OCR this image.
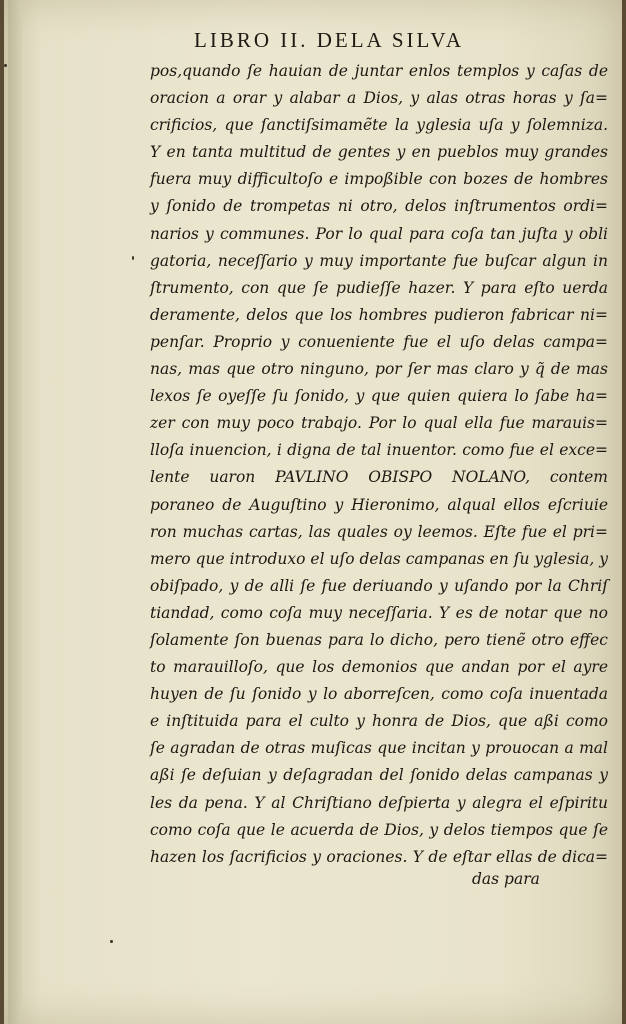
LIBRO II. DELA SILVA
pos,quando ſe hauian de juntar enlos templos y caſas de
oracion a orar y alabar a Dios, y alas otras horas y ſa=
crificios, que ſanctiſsimamẽte la yglesia uſa y ſolemniza.
Y en tanta multitud de gentes y en pueblos muy grandes
fuera muy difficultoſo e impoßible con bozes de hombres
y ſonido de trompetas ni otro, delos inſtrumentos ordi=
narios y communes. Por lo qual para coſa tan juſta y obli
gatoria, neceſſario y muy importante fue buſcar algun in
ſtrumento, con que ſe pudieſſe hazer. Y para eſto uerda
deramente, delos que los hombres pudieron fabricar ni=
penſar. Proprio y conueniente fue el uſo delas campa=
nas, mas que otro ninguno, por ſer mas claro y q̃ de mas
lexos ſe oyeſſe ſu ſonido, y que quien quiera lo ſabe ha=
zer con muy poco trabajo. Por lo qual ella fue marauis=
lloſa inuencion, i digna de tal inuentor. como fue el exce=
lente uaron PAVLINO OBISPO NOLANO, contem
poraneo de Auguſtino y Hieronimo, alqual ellos eſcriuie
ron muchas cartas, las quales oy leemos. Eſte fue el pri=
mero que introduxo el uſo delas campanas en ſu yglesia, y
obiſpado, y de alli ſe fue deriuando y uſando por la Chriſ
tiandad, como coſa muy neceſſaria. Y es de notar que no
ſolamente ſon buenas para lo dicho, pero tienẽ otro effec
to marauilloſo, que los demonios que andan por el ayre
huyen de ſu ſonido y lo aborreſcen, como coſa inuentada
e inſtituida para el culto y honra de Dios, que aßi como
ſe agradan de otras muſicas que incitan y prouocan a mal
aßi ſe deſuian y deſagradan del ſonido delas campanas y
les da pena. Y al Chriſtiano deſpierta y alegra el eſpiritu
como coſa que le acuerda de Dios, y delos tiempos que ſe
hazen los ſacrificios y oraciones. Y de eſtar ellas de dica=
das para
